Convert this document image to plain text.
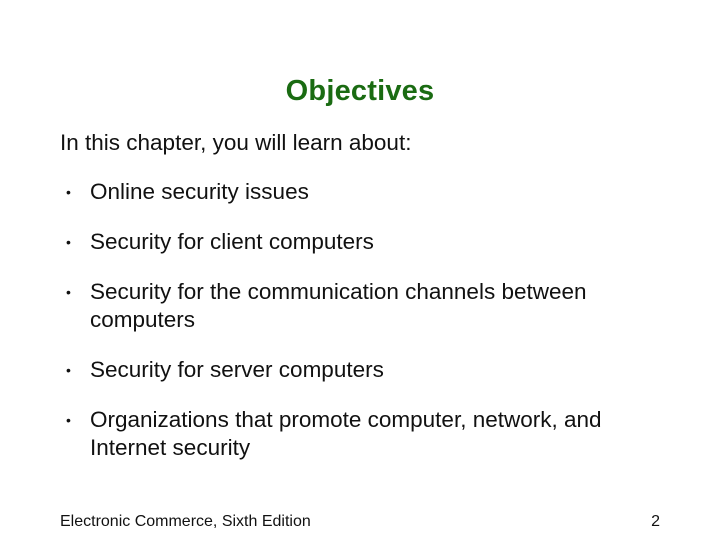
Objectives
In this chapter, you will learn about:
• Online security issues
• Security for client computers
• Security for the communication channels between computers
• Security for server computers
• Organizations that promote computer, network, and Internet security
Electronic Commerce, Sixth Edition	2
